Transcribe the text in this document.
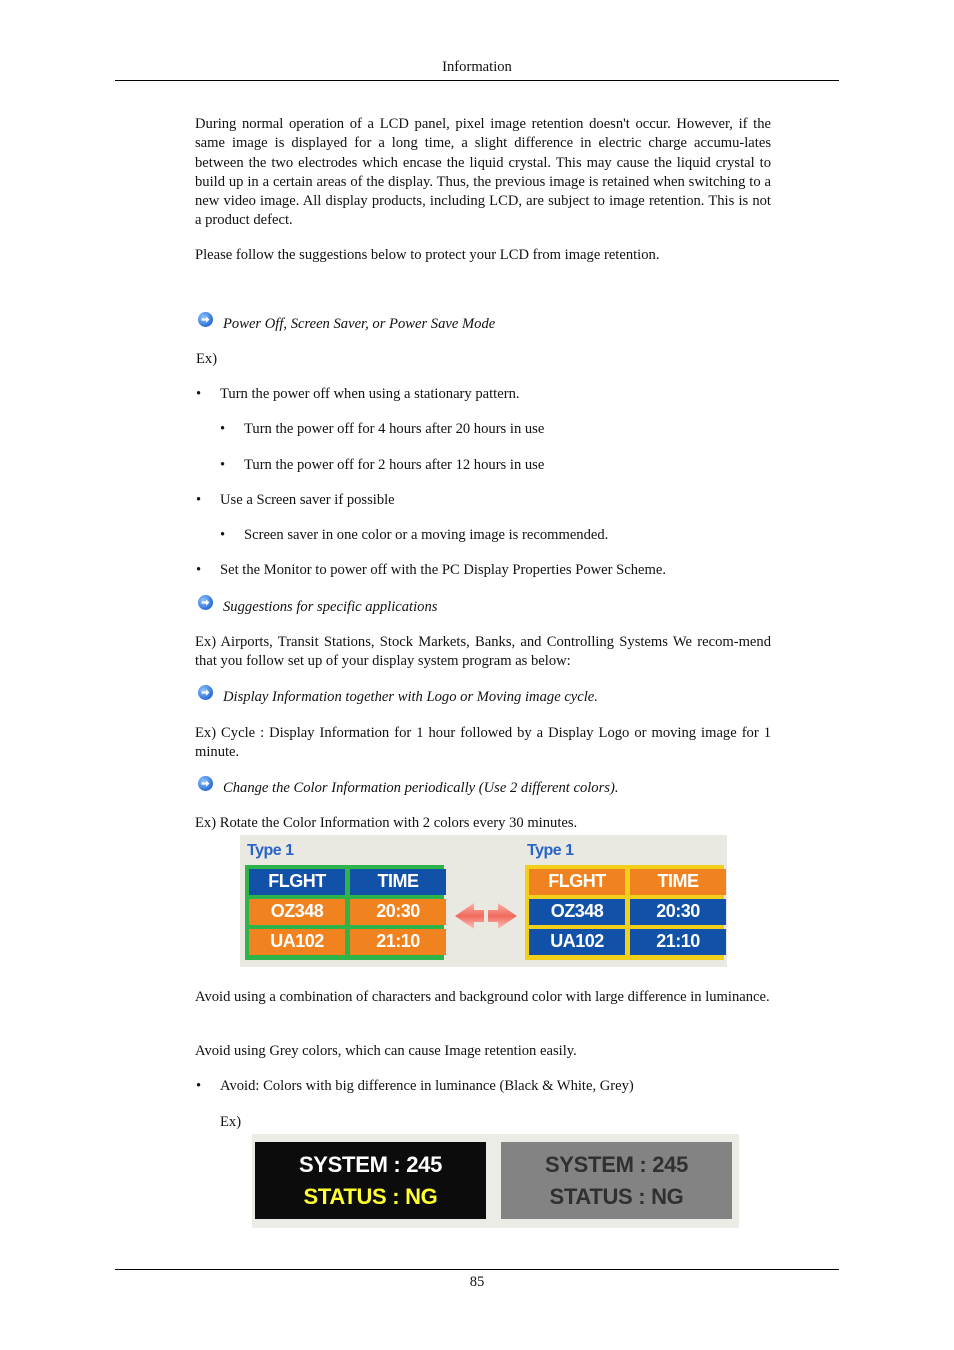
Information

During normal operation of a LCD panel, pixel image retention doesn't occur. However, if the same image is displayed for a long time, a slight difference in electric charge accumu-lates between the two electrodes which encase the liquid crystal. This may cause the liquid crystal to build up in a certain areas of the display. Thus, the previous image is retained when switching to a new video image. All display products, including LCD, are subject to image retention. This is not a product defect.

Please follow the suggestions below to protect your LCD from image retention.

Power Off, Screen Saver, or Power Save Mode
Ex)
•	Turn the power off when using a stationary pattern.
•	Turn the power off for 4 hours after 20 hours in use
•	Turn the power off for 2 hours after 12 hours in use
•	Use a Screen saver if possible
•	Screen saver in one color or a moving image is recommended.
•	Set the Monitor to power off with the PC Display Properties Power Scheme.
Suggestions for specific applications

Ex) Airports, Transit Stations, Stock Markets, Banks, and Controlling Systems We recom-mend that you follow set up of your display system program as below:

Display Information together with Logo or Moving image cycle.

Ex) Cycle : Display Information for 1 hour followed by a Display Logo or moving image for 1 minute.

Change the Color Information periodically (Use 2 different colors).

Ex) Rotate the Color Information with 2 colors every 30 minutes.

Type 1
FLGHT	TIME
OZ348	20:30
UA102	21:10
Type 1
FLGHT	TIME
OZ348	20:30
UA102	21:10

Avoid using a combination of characters and background color with large difference in luminance.

Avoid using Grey colors, which can cause Image retention easily.

•	Avoid: Colors with big difference in luminance (Black & White, Grey)
Ex)
SYSTEM : 245
STATUS : NG
SYSTEM : 245
STATUS : NG
85
